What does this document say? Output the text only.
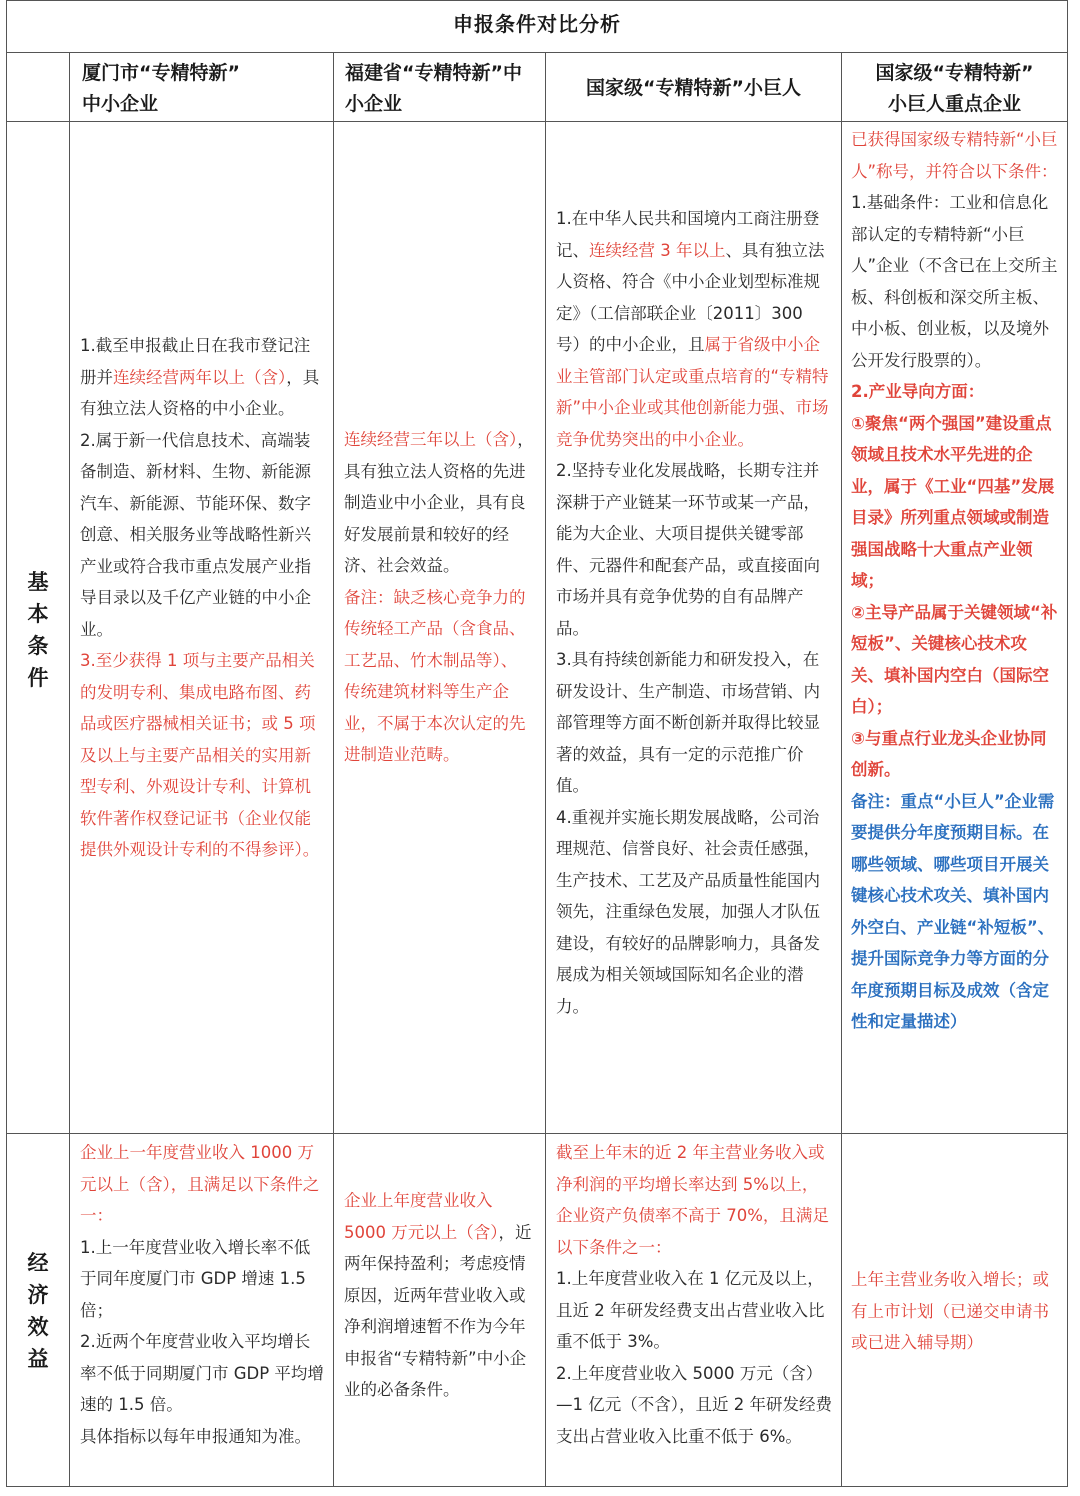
申报条件对比分析
厦门市“专精特新”
中小企业
福建省“专精特新”中
小企业
国家级“专精特新”小巨人
国家级“专精特新”
小巨人重点企业
基
本
条
件
经
济
效
益

1.截至申报截止日在我市登记注册并连续经营两年以上（含），具有独立法人资格的中小企业。

2.属于新一代信息技术、高端装备制造、新材料、生物、新能源汽车、新能源、节能环保、数字创意、相关服务业等战略性新兴产业或符合我市重点发展产业指导目录以及千亿产业链的中小企业。

3.至少获得 1 项与主要产品相关的发明专利、集成电路布图、药品或医疗器械相关证书；或 5 项及以上与主要产品相关的实用新型专利、外观设计专利、计算机软件著作权登记证书（企业仅能提供外观设计专利的不得参评）。

连续经营三年以上（含），具有独立法人资格的先进制造业中小企业，具有良好发展前景和较好的经济、社会效益。

备注：缺乏核心竞争力的传统轻工产品（含食品、工艺品、竹木制品等）、 传统建筑材料等生产企业，不属于本次认定的先进制造业范畴。

1.在中华人民共和国境内工商注册登记、连续经营 3 年以上、具有独立法人资格、符合《中小企业划型标准规定》（工信部联企业〔2011〕300 号）的中小企业，且属于省级中小企业主管部门认定或重点培育的“专精特新”中小企业或其他创新能力强、市场竞争优势突出的中小企业。

2.坚持专业化发展战略，长期专注并深耕于产业链某一环节或某一产品，能为大企业、大项目提供关键零部件、元器件和配套产品，或直接面向市场并具有竞争优势的自有品牌产品。

3.具有持续创新能力和研发投入，在研发设计、生产制造、市场营销、内部管理等方面不断创新并取得比较显著的效益，具有一定的示范推广价值。

4.重视并实施长期发展战略，公司治理规范、信誉良好、社会责任感强，生产技术、工艺及产品质量性能国内领先，注重绿色发展，加强人才队伍建设，有较好的品牌影响力，具备发展成为相关领域国际知名企业的潜力。

已获得国家级专精特新“小巨人”称号，并符合以下条件：

1.基础条件：工业和信息化部认定的专精特新“小巨人”企业（不含已在上交所主板、科创板和深交所主板、中小板、创业板，以及境外公开发行股票的）。

2.产业导向方面：

①聚焦“两个强国”建设重点领域且技术水平先进的企业，属于《工业“四基”发展目录》所列重点领域或制造强国战略十大重点产业领域；

②主导产品属于关键领域“补短板”、关键核心技术攻关、填补国内空白（国际空白）；

③与重点行业龙头企业协同创新。

备注：重点“小巨人”企业需要提供分年度预期目标。在哪些领域、哪些项目开展关键核心技术攻关、填补国内外空白、产业链“补短板”、提升国际竞争力等方面的分年度预期目标及成效（含定性和定量描述）

企业上一年度营业收入 1000 万元以上（含），且满足以下条件之一：

1.上一年度营业收入增长率不低于同年度厦门市 GDP 增速 1.5 倍；

2.近两个年度营业收入平均增长率不低于同期厦门市 GDP 平均增速的 1.5 倍。

具体指标以每年申报通知为准。

企业上年度营业收入 5000 万元以上（含），近两年保持盈利；考虑疫情原因，近两年营业收入或净利润增速暂不作为今年申报省“专精特新”中小企业的必备条件。

截至上年末的近 2 年主营业务收入或净利润的平均增长率达到 5%以上，企业资产负债率不高于 70%，且满足以下条件之一：

1.上年度营业收入在 1 亿元及以上，且近 2 年研发经费支出占营业收入比重不低于 3%。

2.上年度营业收入 5000 万元（含）—1 亿元（不含），且近 2 年研发经费支出占营业收入比重不低于 6%。

上年主营业务收入增长；或有上市计划（已递交申请书或已进入辅导期）
